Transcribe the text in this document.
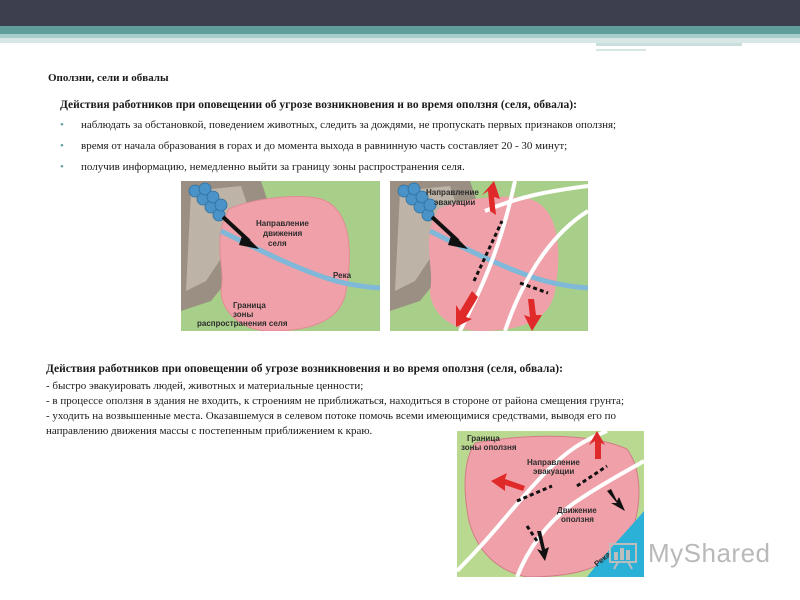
Оползни, сели и обвалы
Действия работников при оповещении об угрозе возникновения и во время оползня (селя, обвала):
• наблюдать за обстановкой, поведением животных, следить за дождями, не пропускать первых признаков оползня;
• время от начала образования в горах и до момента выхода в равнинную часть составляет 20 - 30 минут;
• получив информацию, немедленно выйти за границу зоны распространения селя.
Направление движения селя
Река
Граница зоны распространения селя
Направление эвакуации
Действия работников при оповещении об угрозе возникновения и во время оползня (селя, обвала):
- быстро эвакуировать людей, животных и материальные ценности;
- в процессе оползня в здания не входить, к строениям не приближаться, находиться в стороне от района смещения грунта;
- уходить на возвышенные места. Оказавшемуся в селевом потоке помочь всеми имеющимися средствами, выводя его по
направлению движения массы с постепенным приближением к краю.
Граница зоны оползня
Направление эвакуации
Движение оползня
Река MyShared
